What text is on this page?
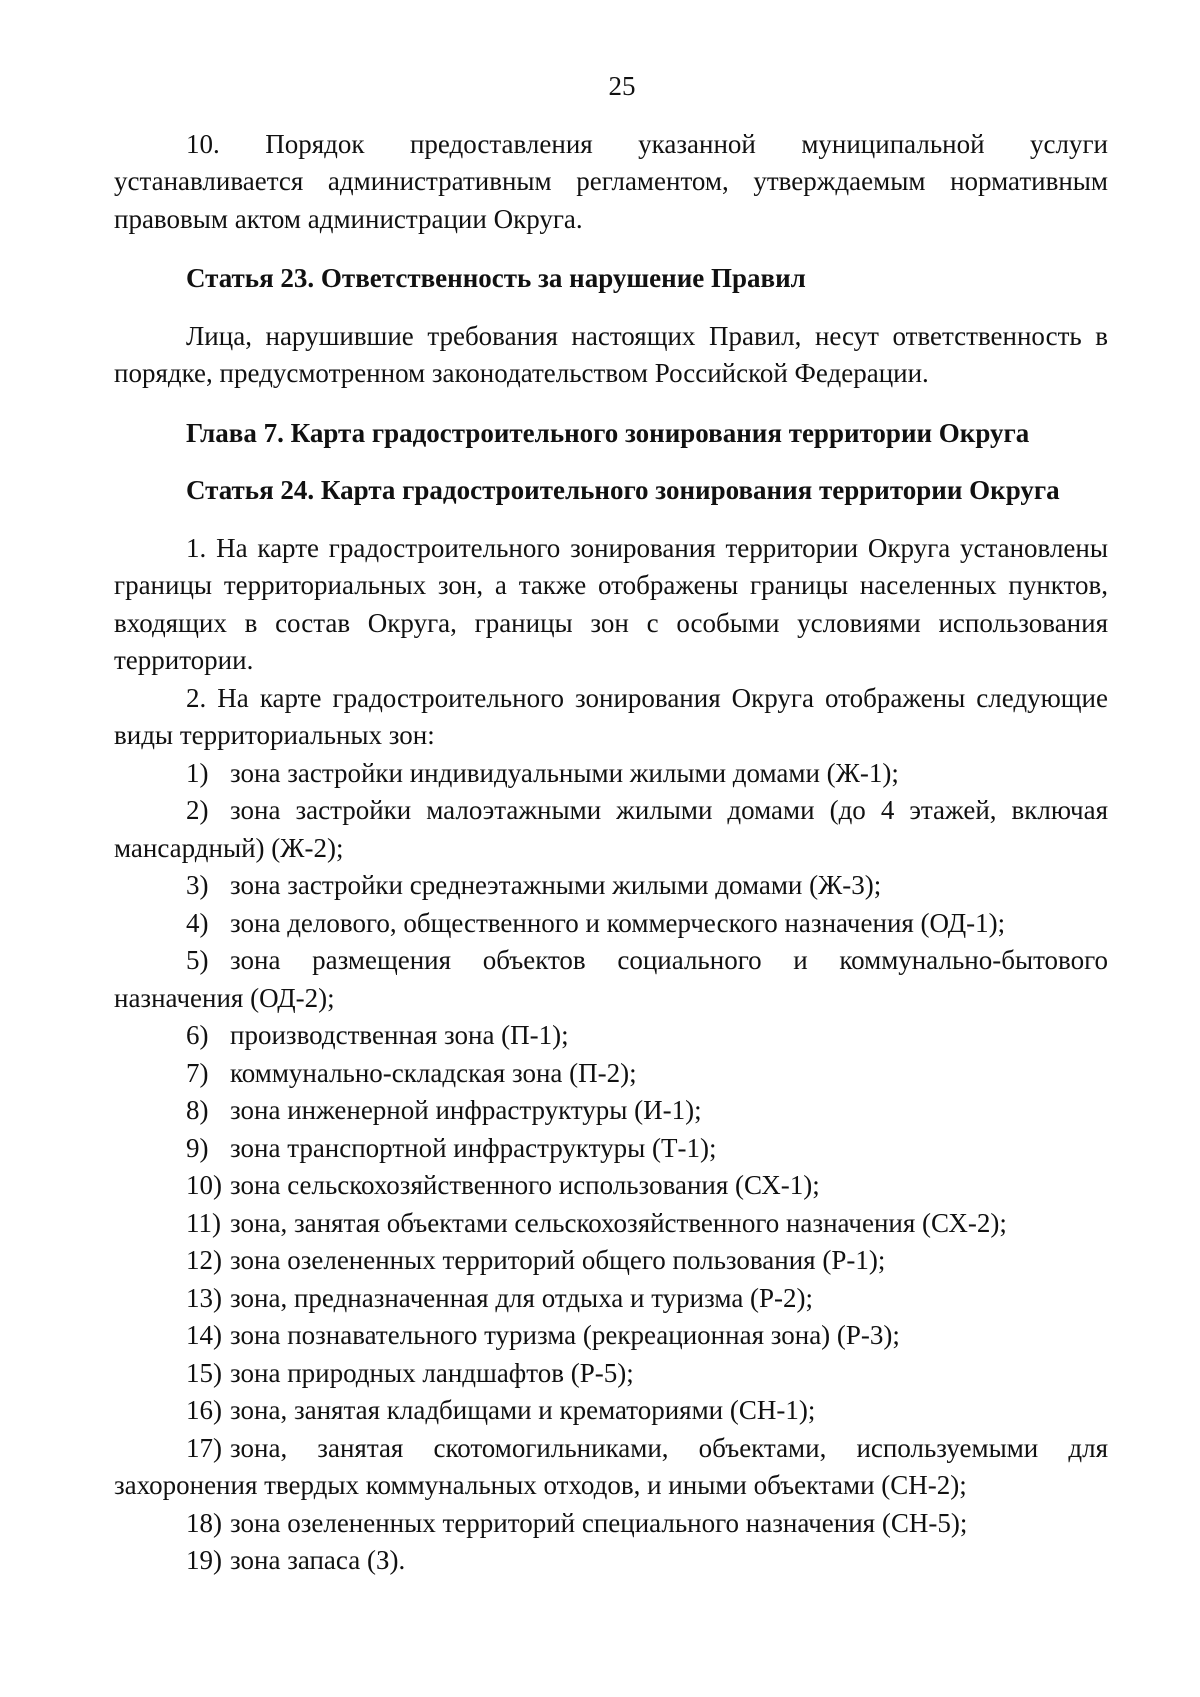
25

10. Порядок предоставления указанной муниципальной услуги устанавливается административным регламентом, утверждаемым нормативным правовым актом администрации Округа.

Статья 23. Ответственность за нарушение Правил

Лица, нарушившие требования настоящих Правил, несут ответственность в порядке, предусмотренном законодательством Российской Федерации.

Глава 7. Карта градостроительного зонирования территории Округа

Статья 24. Карта градостроительного зонирования территории Округа

1. На карте градостроительного зонирования территории Округа установлены границы территориальных зон, а также отображены границы населенных пунктов, входящих в состав Округа, границы зон с особыми условиями использования территории.

2. На карте градостроительного зонирования Округа отображены следующие виды территориальных зон:

1) зона застройки индивидуальными жилыми домами (Ж-1);

2) зона застройки малоэтажными жилыми домами (до 4 этажей, включая мансардный) (Ж-2);

3) зона застройки среднеэтажными жилыми домами (Ж-3);

4) зона делового, общественного и коммерческого назначения (ОД-1);

5) зона размещения объектов социального и коммунально-бытового назначения (ОД-2);

6) производственная зона (П-1);

7) коммунально-складская зона (П-2);

8) зона инженерной инфраструктуры (И-1);

9) зона транспортной инфраструктуры (Т-1);

10) зона сельскохозяйственного использования (СХ-1);

11) зона, занятая объектами сельскохозяйственного назначения (СХ-2);

12) зона озелененных территорий общего пользования (Р-1);

13) зона, предназначенная для отдыха и туризма (Р-2);

14) зона познавательного туризма (рекреационная зона) (Р-3);

15) зона природных ландшафтов (Р-5);

16) зона, занятая кладбищами и крематориями (СН-1);

17) зона, занятая скотомогильниками, объектами, используемыми для захоронения твердых коммунальных отходов, и иными объектами (СН-2);

18) зона озелененных территорий специального назначения (СН-5);

19) зона запаса (З).
